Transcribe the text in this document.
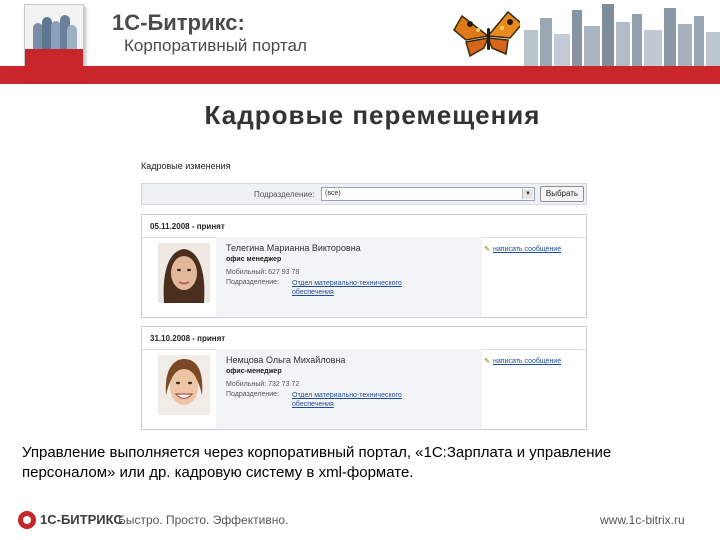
1С-Битрикс:
Корпоративный портал
Кадровые перемещения
Кадровые изменения
Подразделение:	(все)	▼	Выбрать
05.11.2008 - принят
Телегина Марианна Викторовна
офис менеджер
Мобильный: 627 93 78
Подразделение: Отдел материально-технического обеспечения
✎ написать сообщение
31.10.2008 - принят
Немцова Ольга Михайловна
офис-менеджер
Мобильный: 732 73 72
Подразделение: Отдел материально-технического обеспечения
✎ написать сообщение
Управление выполняется через корпоративный портал, «1С:Зарплата и управление персоналом» или др. кадровую систему в xml-формате.
1С-БИТРИКС
Быстро. Просто. Эффективно.	www.1c-bitrix.ru
